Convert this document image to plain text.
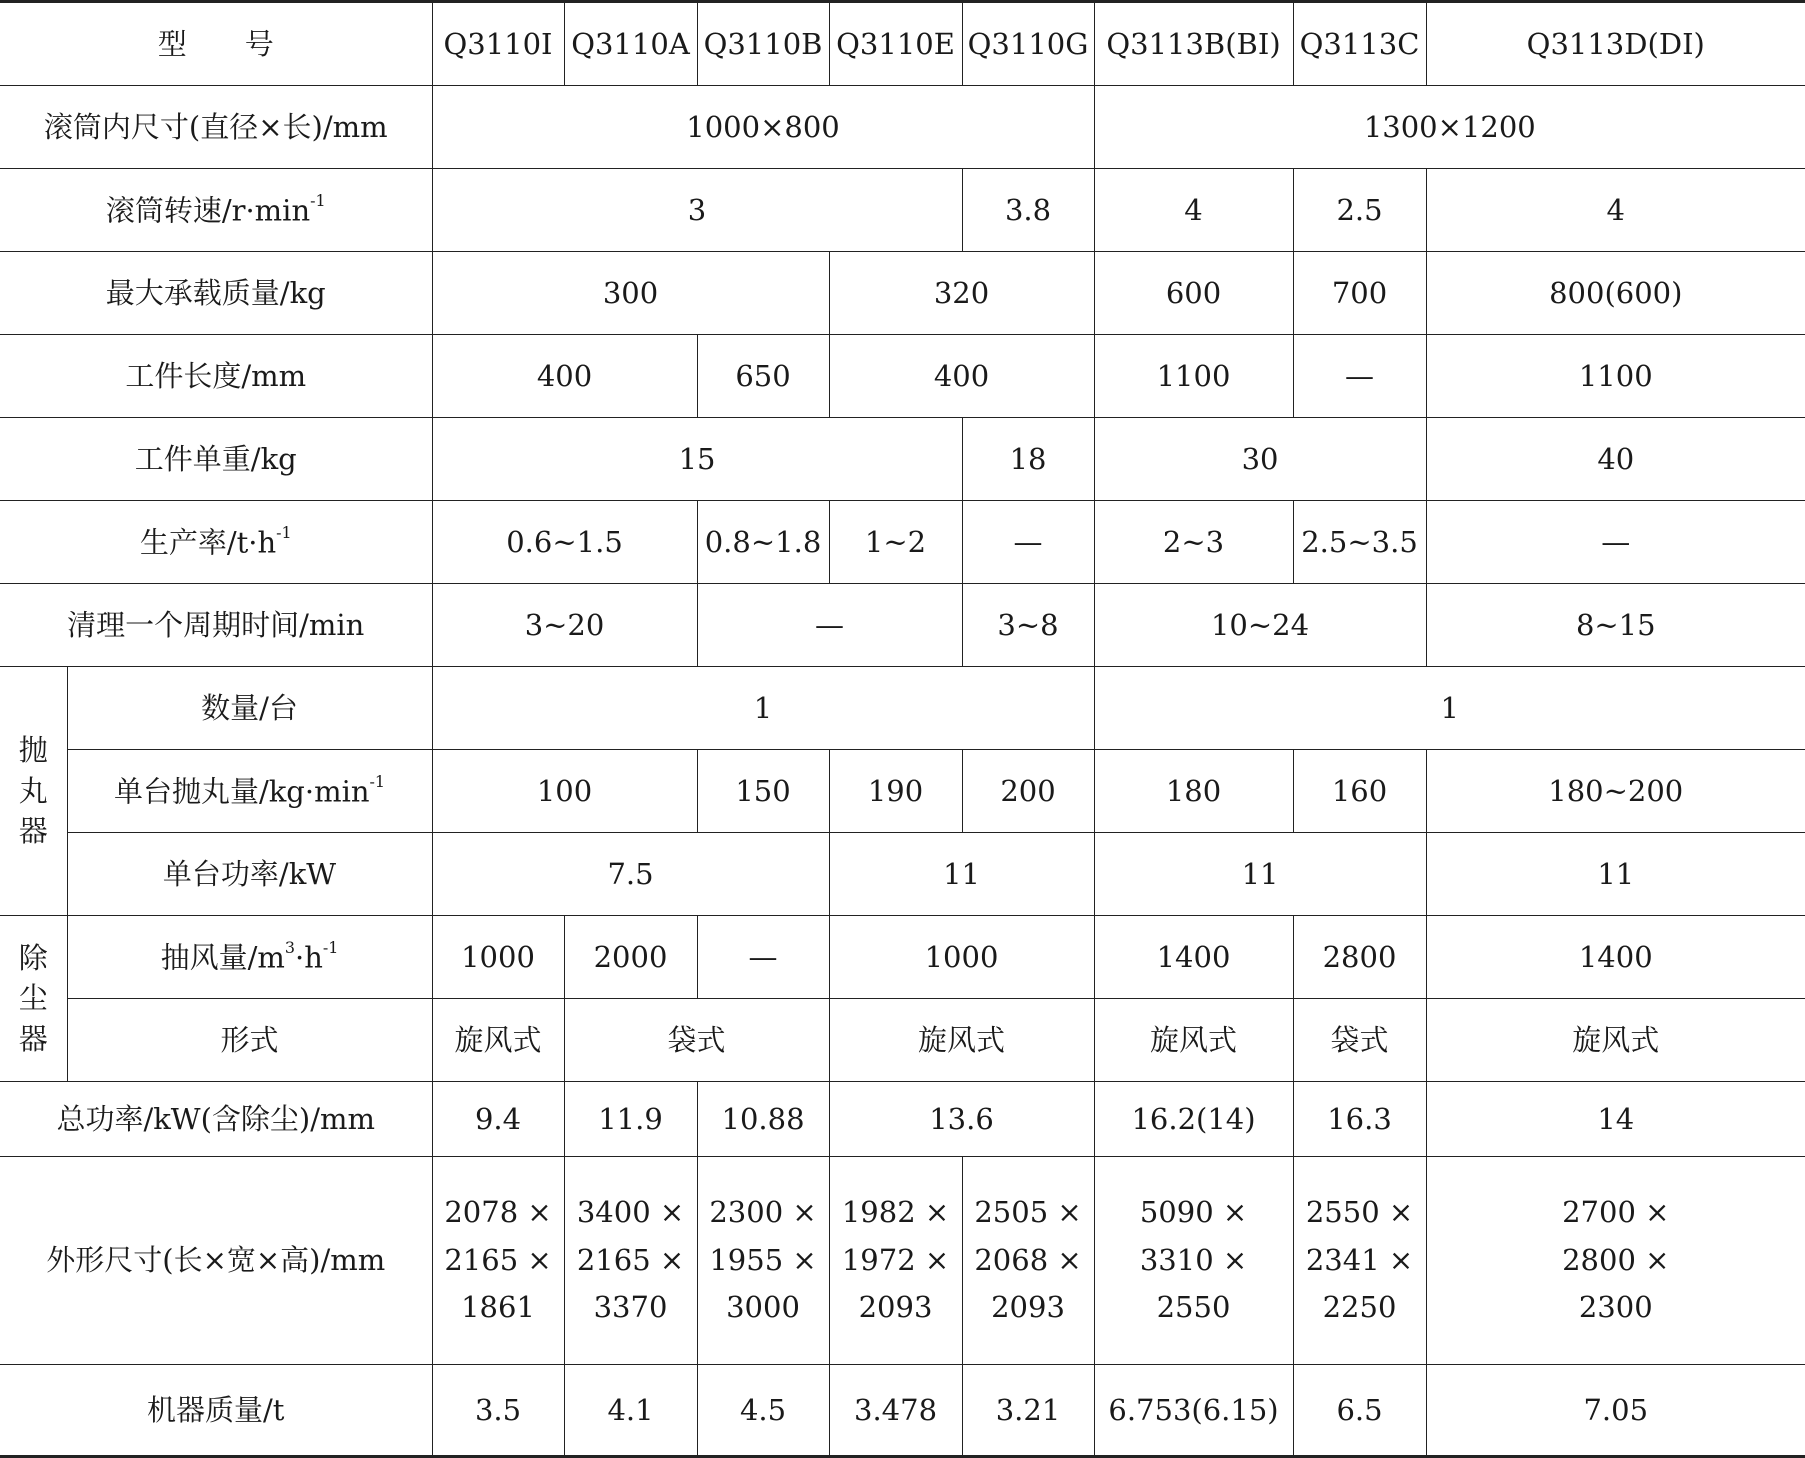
型　　号		Q3110I	Q3110A	Q3110B	Q3110E	Q3110G	Q3113B(BI)	Q3113C	Q3113D(DI)
滚筒内尺寸(直径×长)/mm		1000×800					1300×1200		
滚筒转速$/r\cdot\min^{-1}$		3				3.8	4	2.5	4
最大承载质量/kg		300			320		600	700	800(600)
工件长度/mm		400		650	400		1100	—	1100
工件单重/kg		15				18	30		40
生产率$/t\cdot h^{-1}$		0.6~1.5		0.8~1.8	1~2	—	2~3	2.5~3.5	—
清理一个周期时间/min		3~20		—		3~8	10~24		8~15

抛
丸
器	数量/台	1					1		
	单台抛丸量$/kg\cdot\min^{-1}$	100		150	190	200	180	160	180~200
	单台功率/kW	7.5			11		11		11

除
尘
器	抽风量$/m^3\cdot h^{-1}$	1000	2000	—	1000		1400	2800	1400
	形式	旋风式	袋式		旋风式		旋风式	袋式	旋风式
总功率/kW(含除尘)/mm		9.4	11.9	10.88	13.6		16.2(14)	16.3	14
外形尺寸(长×宽×高)/mm		2078 ×
2165 ×
1861	3400 ×
2165 ×
3370	2300 ×
1955 ×
3000	1982 ×
1972 ×
2093	2505 ×
2068 ×
2093	5090 ×
3310 ×
2550	2550 ×
2341 ×
2250	2700 ×
2800 ×
2300

机器质量/t		3.5	4.1	4.5	3.478	3.21	6.753(6.15)	6.5	7.05
